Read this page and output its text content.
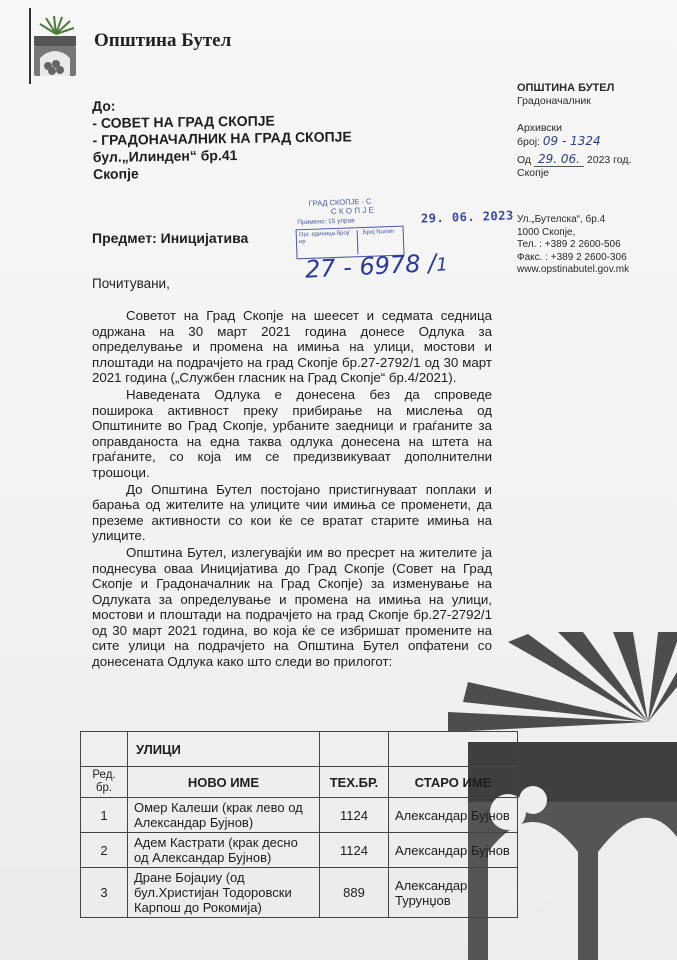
Општина Бутел
До:
- СОВЕТ НА ГРАД СКОПЈЕ
- ГРАДОНАЧАЛНИК НА ГРАД СКОПЈЕ
бул.„Илинден“ бр.41
Скопје
ОПШТИНА БУТЕЛ
Градоначалник
Архивски
број: 09 - 1324
Од 29. 06. 2023 год.
Скопје
Ул.„Бутелска“, бр.4
1000 Скопје,
Тел. : +389 2 2600-506
Факс. : +389 2 2600-306
www.opstinabutel.gov.mk
ГРАД СКОПЈЕ - С
С К О П Ј Е
Примено: 15 управ
Орг. единица број/ нр
Број Numër
29. 06. 2023
27 - 6978 /1
Предмет: Иницијатива
Почитувани,

Советот на Град Скопје на шеесет и седмата седница одржана на 30 март 2021 година донесе Одлука за определување и промена на имиња на улици, мостови и плоштади на подрачјето на град Скопје бр.27-2792/1 од 30 март 2021 година („Службен гласник на Град Скопје“ бр.4/2021).

Наведената Одлука е донесена без да спроведе поширока активност преку прибирање на мислења од Општините во Град Скопје, урбаните заедници и граѓаните за оправданоста на една таква одлука донесена на штета на граѓаните, со која им се предизвикуваат дополнителни трошоци.

До Општина Бутел постојано пристигнуваат поплаки и барања од жителите на улиците чии имиња се променети, да преземе активности со кои ќе се вратат старите имиња на улиците.

Општина Бутел, излегувајќи им во пресрет на жителите ја поднесува оваа Иницијатива до Град Скопје (Совет на Град Скопје и Градоначалник на Град Скопје) за изменување на Одлуката за определување и промена на имиња на улици, мостови и плоштади на подрачјето на град Скопје бр.27-2792/1 од 30 март 2021 година, во која ќе се избришат промените на сите улици на подрачјето на Општина Бутел опфатени со донесената Одлука како што следи во прилогот:

	УЛИЦИ		
Ред. бр.	НОВО ИМЕ	ТЕХ.БР.	СТАРО ИМЕ
1	Омер Калеши (крак лево од Александар Бујнов)	1124	Александар Бујнов
2	Адем Кастрати (крак десно од Александар Бујнов)	1124	Александар Бујнов
3	Дране Бојаџиу (од бул.Христијан Тодоровски Карпош до Рокомија)	889	Александар Турунџов
